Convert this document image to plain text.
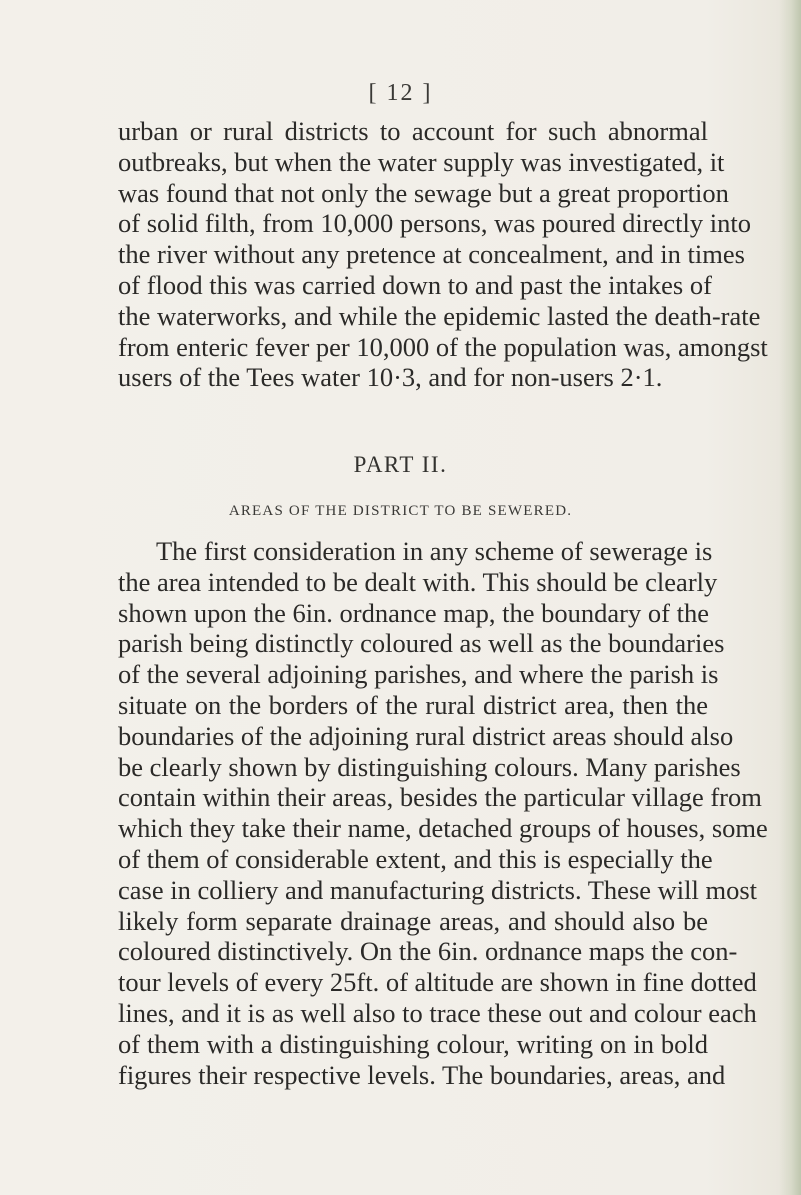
[ 12 ]
urban or rural districts to account for such abnormal
outbreaks, but when the water supply was investigated, it
was found that not only the sewage but a great proportion
of solid filth, from 10,000 persons, was poured directly into
the river without any pretence at concealment, and in times
of flood this was carried down to and past the intakes of
the waterworks, and while the epidemic lasted the death-rate
from enteric fever per 10,000 of the population was, amongst
users of the Tees water 10·3, and for non-users 2·1.
PART II.
AREAS OF THE DISTRICT TO BE SEWERED.
The first consideration in any scheme of sewerage is
the area intended to be dealt with. This should be clearly
shown upon the 6in. ordnance map, the boundary of the
parish being distinctly coloured as well as the boundaries
of the several adjoining parishes, and where the parish is
situate on the borders of the rural district area, then the
boundaries of the adjoining rural district areas should also
be clearly shown by distinguishing colours. Many parishes
contain within their areas, besides the particular village from
which they take their name, detached groups of houses, some
of them of considerable extent, and this is especially the
case in colliery and manufacturing districts. These will most
likely form separate drainage areas, and should also be
coloured distinctively. On the 6in. ordnance maps the con-
tour levels of every 25ft. of altitude are shown in fine dotted
lines, and it is as well also to trace these out and colour each
of them with a distinguishing colour, writing on in bold
figures their respective levels. The boundaries, areas, and
